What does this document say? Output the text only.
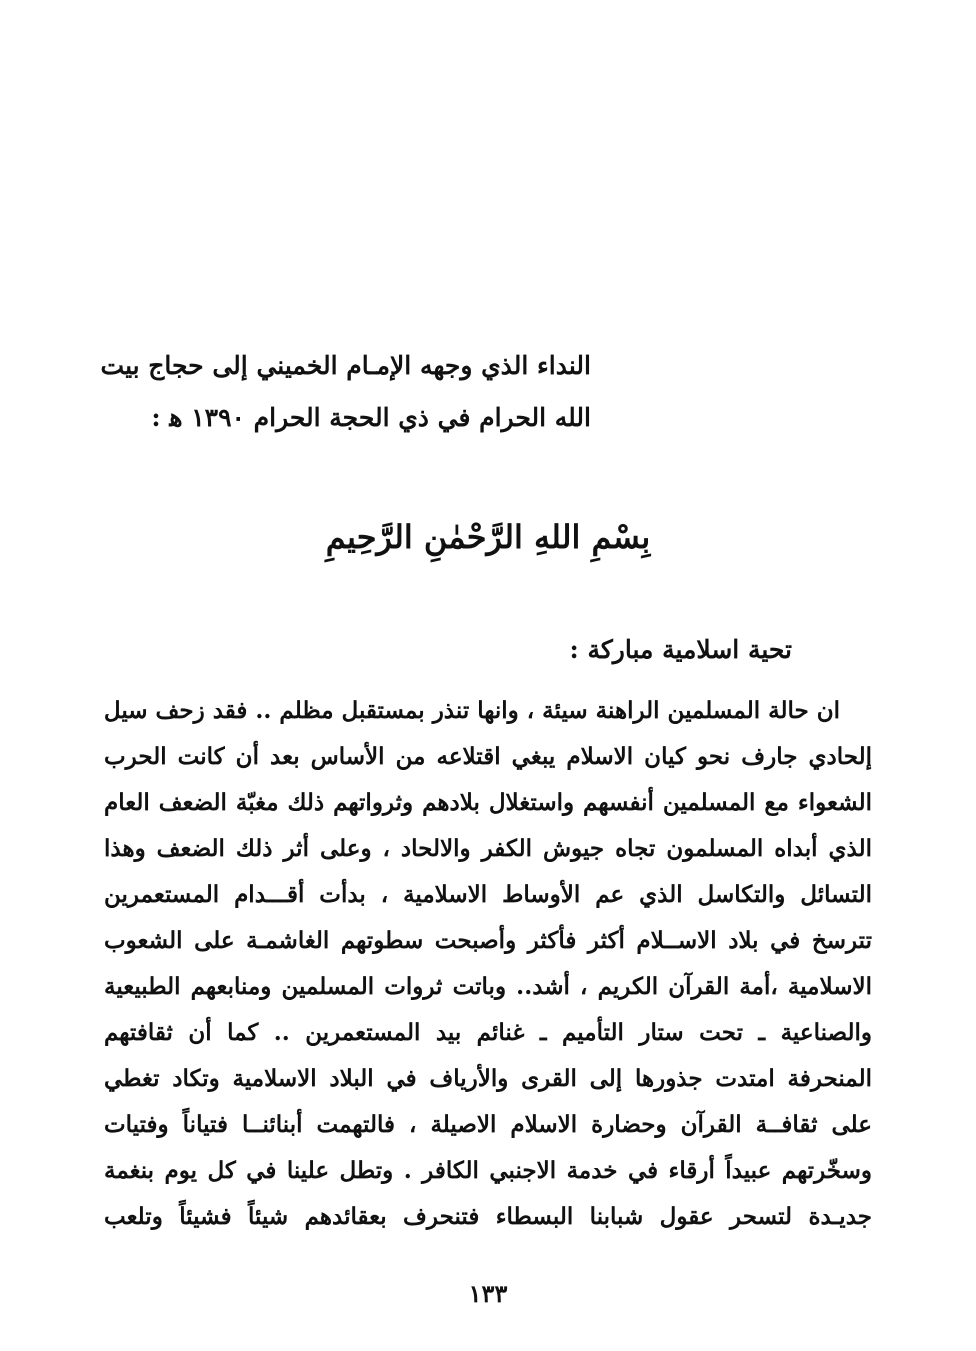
النداء الذي وجهه الإمـام الخميني إلى حجاج بيت
الله الحرام في ذي الحجة الحرام ١٣٩٠ ﻫ :
بِسْمِ اللهِ الرَّحْمٰنِ الرَّحِيمِ
تحية اسلامية مباركة :
ان حالة المسلمين الراهنة سيئة ، وانها تنذر بمستقبل مظلم .. فقد زحف سيل
إلحادي جارف نحو كيان الاسلام يبغي اقتلاعه من الأساس بعد أن كانت الحرب
الشعواء مع المسلمين أنفسهم واستغلال بلادهم وثرواتهم ذلك مغبّة الضعف العام
الذي أبداه المسلمون تجاه جيوش الكفر والالحاد ، وعلى أثر ذلك الضعف وهذا
التسائل والتكاسل الذي عم الأوساط الاسلامية ، بدأت أقـــدام المستعمرين
تترسخ في بلاد الاســلام أكثر فأكثر وأصبحت سطوتهم الغاشمـة على الشعوب
الاسلامية ،أمة القرآن الكريم ، أشد.. وباتت ثروات المسلمين ومنابعهم الطبيعية
والصناعية ـ تحت ستار التأميم ـ غنائم بيد المستعمرين .. كما أن ثقافتهم
المنحرفة امتدت جذورها إلى القرى والأرياف في البلاد الاسلامية وتكاد تغطي
على ثقافــة القرآن وحضارة الاسلام الاصيلة ، فالتهمت أبنائنــا فتياناً وفتيات
وسخّرتهم عبيداً أرقاء في خدمة الاجنبي الكافر . وتطل علينا في كل يوم بنغمة
جديـدة لتسحر عقول شبابنا البسطاء فتنحرف بعقائدهم شيئاً فشيئاً وتلعب
١٣٣
